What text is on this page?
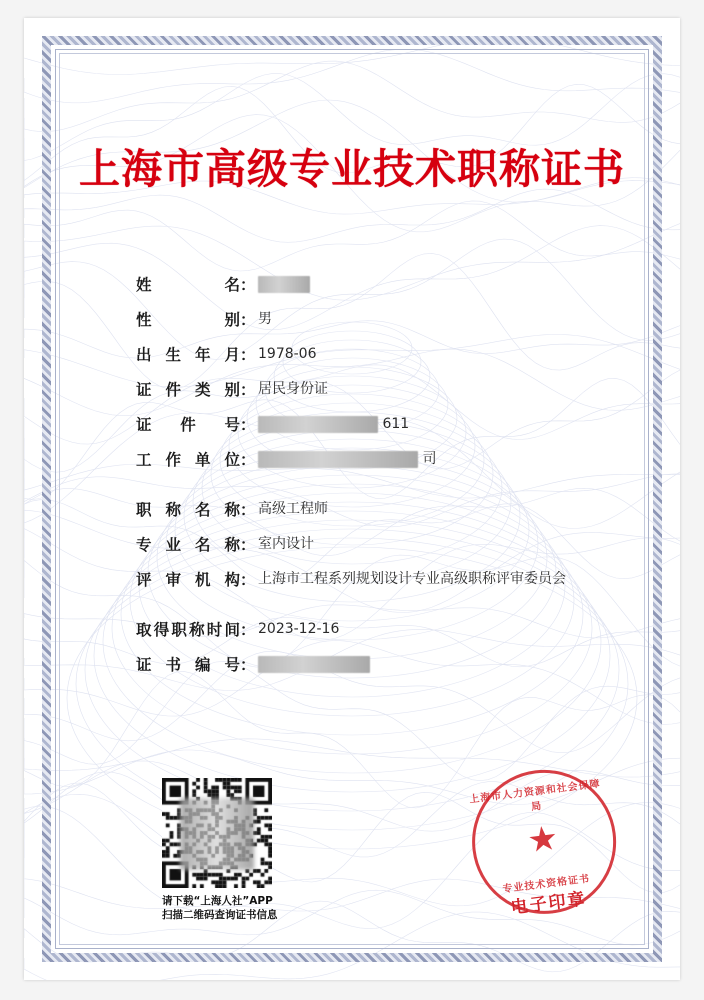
上海市高级专业技术职称证书
姓	名 ：
性	别 ： 男
出 生 年 月 ： 1978-06
证 件 类 别 ： 居民身份证
证 件 号 ：	611
工 作 单 位 ：	司
职 称 名 称 ： 高级工程师
专 业 名 称 ： 室内设计
评 审 机 构 ： 上海市工程系列规划设计专业高级职称评审委员会
取 得 职 称 时 间 ： 2023-12-16
证 书 编 号 ：
请下载“上海人社”APP
扫描二维码查询证书信息
上海市人力资源和社会保障局
★
专业技术资格证书
电子印章
